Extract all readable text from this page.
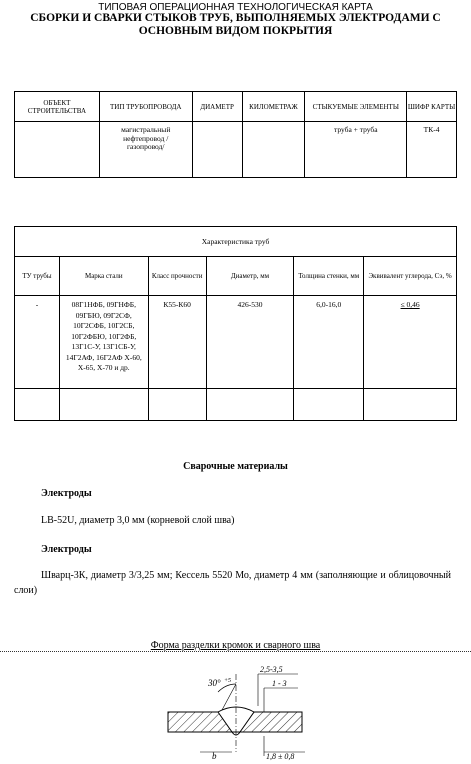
ТИПОВАЯ ОПЕРАЦИОННАЯ ТЕХНОЛОГИЧЕСКАЯ КАРТА
СБОРКИ И СВАРКИ СТЫКОВ ТРУБ, ВЫПОЛНЯЕМЫХ ЭЛЕКТРОДАМИ С
ОСНОВНЫМ ВИДОМ ПОКРЫТИЯ
ОБЪЕКТ СТРОИТЕЛЬСТВА	ТИП ТРУБОПРОВОДА	ДИАМЕТР	КИЛОМЕТРАЖ	СТЫКУЕМЫЕ ЭЛЕМЕНТЫ	ШИФР КАРТЫ
	магистральный нефтепровод /газопровод/			труба + труба	ТК-4
Характеристика труб					
ТУ трубы	Марка стали	Класс прочности	Диаметр, мм	Толщина стенки, мм	Эквивалент углерода, Сэ, %
-	08Г1НФБ, 09ГНФБ, 09ГБЮ, 09Г2СФ, 10Г2СФБ, 10Г2СБ, 10Г2ФБЮ, 10Г2ФБ, 13Г1С-У, 13Г1СБ-У, 14Г2АФ, 16Г2АФ Х-60, Х-65, Х-70 и др.	К55-К60	426-530	6,0-16,0	≤ 0,46

Сварочные материалы
Электроды
LB-52U, диаметр 3,0 мм (корневой слой шва)
Электроды
Шварц-3К, диаметр 3/3,25 мм; Кессель 5520 Мо, диаметр 4 мм (заполняющие и облицовочный слои)
Форма разделки кромок и сварного шва
30° +5
2,5-3,5
1 - 3
b	1,8 ± 0,8
